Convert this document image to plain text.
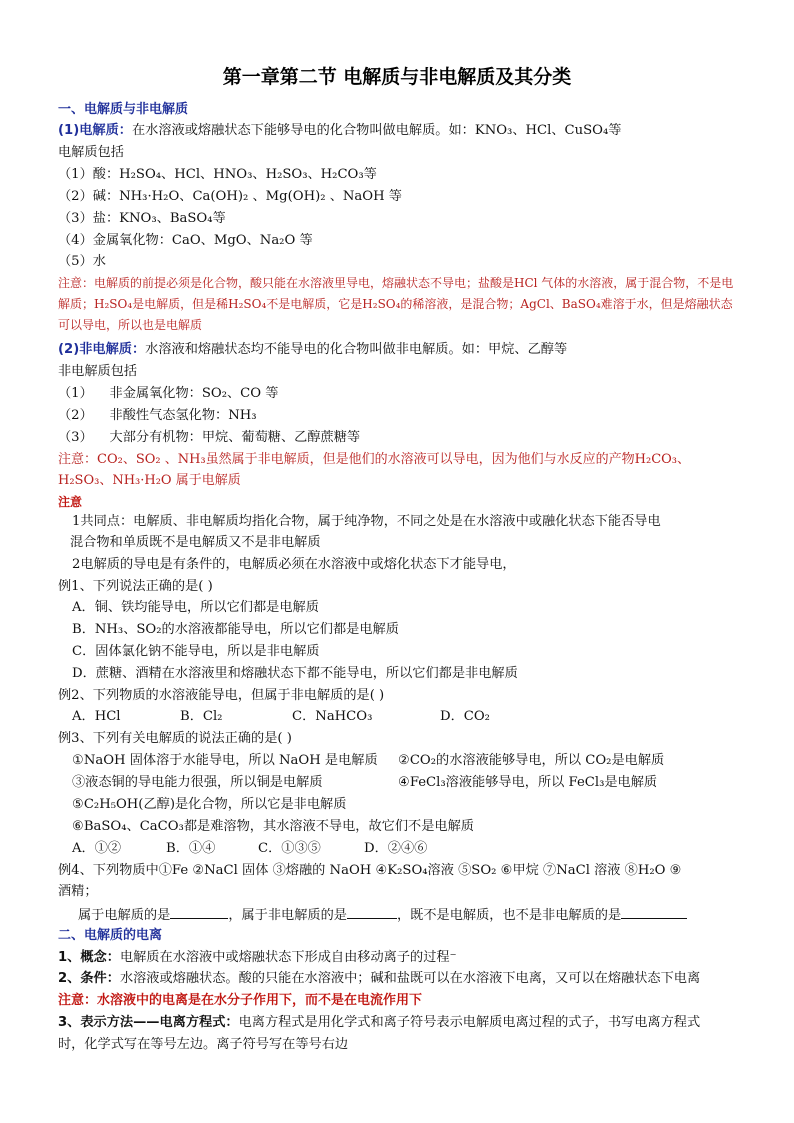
第一章第二节 电解质与非电解质及其分类
一、电解质与非电解质
(1)电解质：在水溶液或熔融状态下能够导电的化合物叫做电解质。如：KNO₃、HCl、CuSO₄等
电解质包括
（1）酸：H₂SO₄、HCl、HNO₃、H₂SO₃、H₂CO₃等
（2）碱：NH₃·H₂O、Ca(OH)₂ 、Mg(OH)₂ 、NaOH 等
（3）盐：KNO₃、BaSO₄等
（4）金属氧化物：CaO、MgO、Na₂O 等
（5）水
注意：电解质的前提必须是化合物，酸只能在水溶液里导电，熔融状态不导电；盐酸是HCl 气体的水溶液，属于混合物，不是电解质；H₂SO₄是电解质，但是稀H₂SO₄不是电解质，它是H₂SO₄的稀溶液，是混合物；AgCl、BaSO₄难溶于水，但是熔融状态可以导电，所以也是电解质
(2)非电解质：水溶液和熔融状态均不能导电的化合物叫做非电解质。如：甲烷、乙醇等
非电解质包括
（1）    非金属氧化物：SO₂、CO 等
（2）    非酸性气态氢化物：NH₃
（3）    大部分有机物：甲烷、葡萄糖、乙醇蔗糖等
注意：CO₂、SO₂ 、NH₃虽然属于非电解质，但是他们的水溶液可以导电，因为他们与水反应的产物H₂CO₃、H₂SO₃、NH₃·H₂O 属于电解质
注意
1共同点：电解质、非电解质均指化合物，属于纯净物，不同之处是在水溶液中或融化状态下能否导电
混合物和单质既不是电解质又不是非电解质
2电解质的导电是有条件的，电解质必须在水溶液中或熔化状态下才能导电，
例1、下列说法正确的是( )
A．铜、铁均能导电，所以它们都是电解质
B．NH₃、SO₂的水溶液都能导电，所以它们都是电解质
C．固体氯化钠不能导电，所以是非电解质
D．蔗糖、酒精在水溶液里和熔融状态下都不能导电，所以它们都是非电解质
例2、下列物质的水溶液能导电，但属于非电解质的是( )
A．HCl	B．Cl₂	C．NaHCO₃	D．CO₂
例3、下列有关电解质的说法正确的是( )
①NaOH 固体溶于水能导电，所以 NaOH 是电解质	②CO₂的水溶液能够导电，所以 CO₂是电解质
③液态铜的导电能力很强，所以铜是电解质	④FeCl₃溶液能够导电，所以 FeCl₃是电解质
⑤C₂H₅OH(乙醇)是化合物，所以它是非电解质
⑥BaSO₄、CaCO₃都是难溶物，其水溶液不导电，故它们不是电解质
A．①②	B．①④	C．①③⑤	D．②④⑥
例4、下列物质中①Fe ②NaCl 固体 ③熔融的 NaOH ④K₂SO₄溶液 ⑤SO₂ ⑥甲烷 ⑦NaCl 溶液 ⑧H₂O ⑨
酒精；
属于电解质的是	，属于非电解质的是	，既不是电解质，也不是非电解质的是
二、电解质的电离
1、概念：电解质在水溶液中或熔融状态下形成自由移动离子的过程⁻
2、条件：水溶液或熔融状态。酸的只能在水溶液中；碱和盐既可以在水溶液下电离，又可以在熔融状态下电离
注意：水溶液中的电离是在水分子作用下，而不是在电流作用下
3、表示方法——电离方程式：电离方程式是用化学式和离子符号表示电解质电离过程的式子，书写电离方程式
时，化学式写在等号左边。离子符号写在等号右边
